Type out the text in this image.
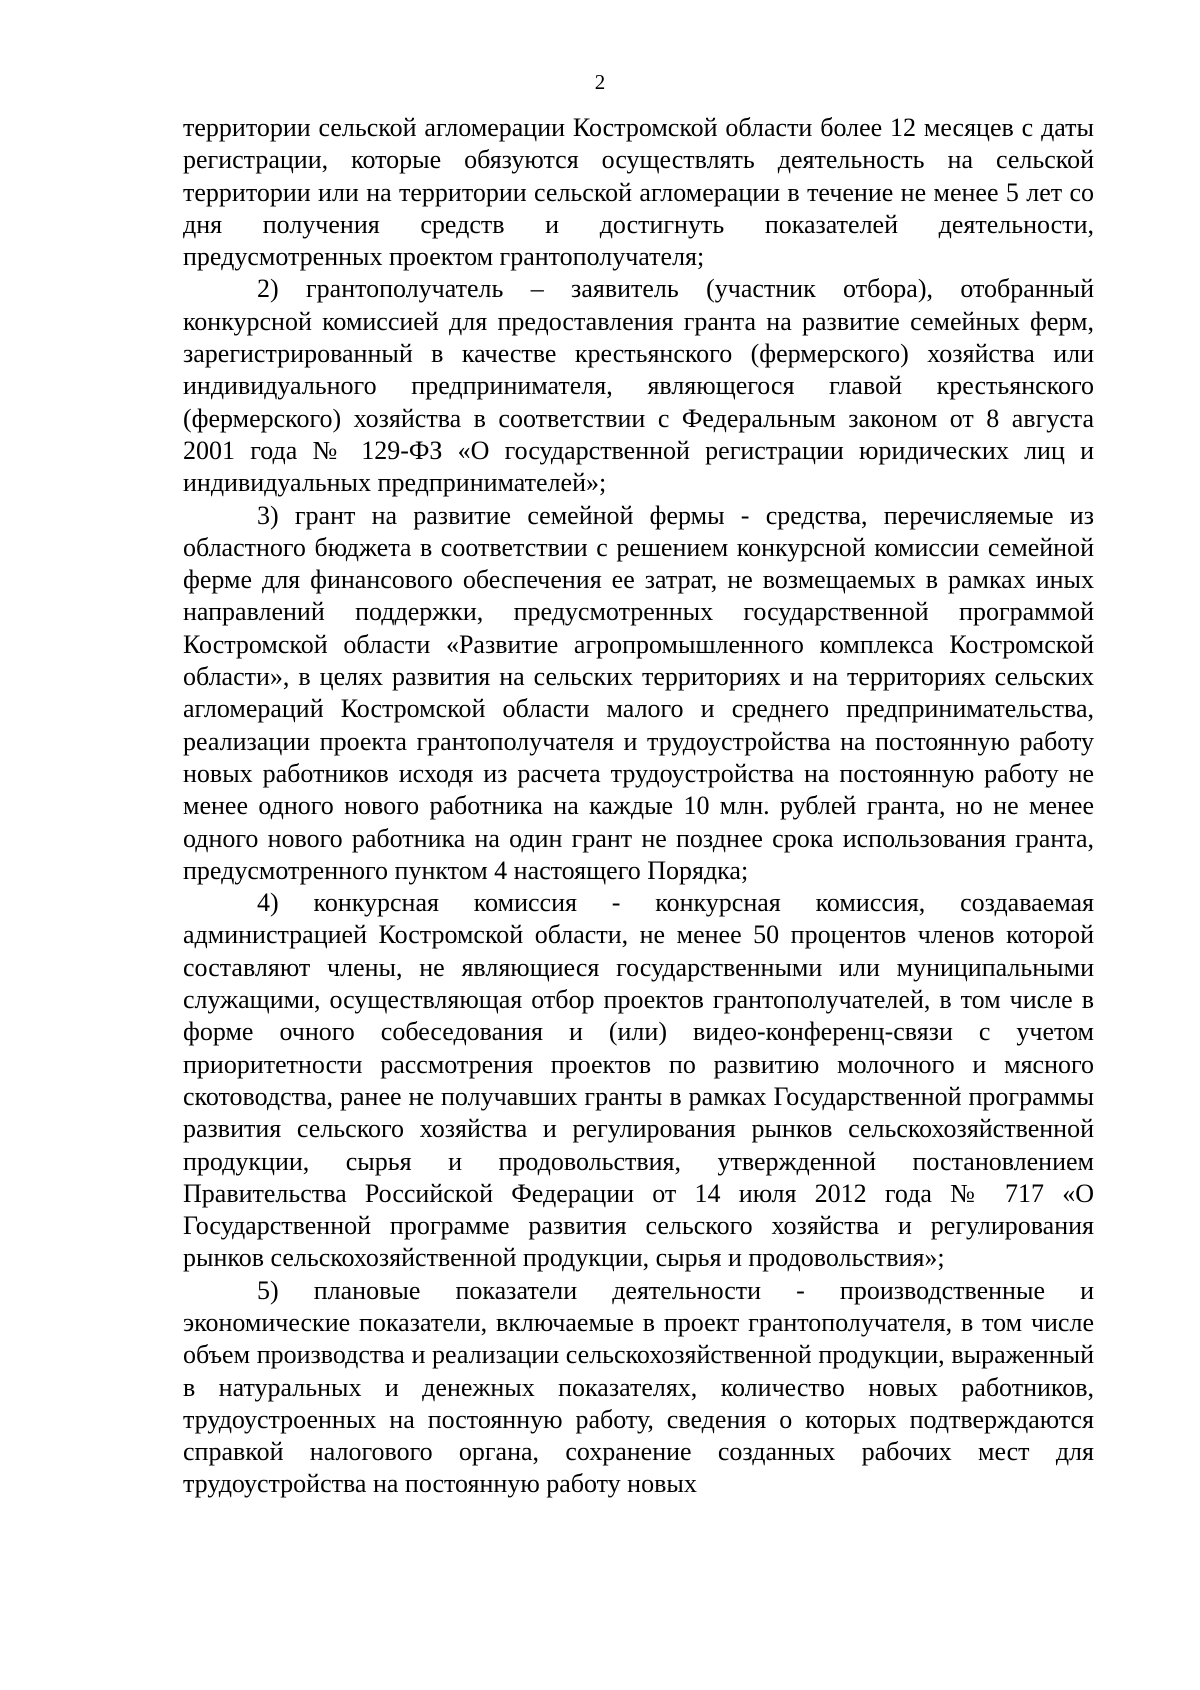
2

территории сельской агломерации Костромской области более 12 месяцев с даты регистрации, которые обязуются осуществлять деятельность на сельской территории или на территории сельской агломерации в течение не менее 5 лет со дня получения средств и достигнуть показателей деятельности, предусмотренных проектом грантополучателя;

2) грантополучатель – заявитель (участник отбора), отобранный конкурсной комиссией для предоставления гранта на развитие семейных ферм, зарегистрированный в качестве крестьянского (фермерского) хозяйства или индивидуального предпринимателя, являющегося главой крестьянского (фермерского) хозяйства в соответствии с Федеральным законом от 8 августа 2001 года № 129-ФЗ «О государственной регистрации юридических лиц и индивидуальных предпринимателей»;

3) грант на развитие семейной фермы - средства, перечисляемые из областного бюджета в соответствии с решением конкурсной комиссии семейной ферме для финансового обеспечения ее затрат, не возмещаемых в рамках иных направлений поддержки, предусмотренных государственной программой Костромской области «Развитие агропромышленного комплекса Костромской области», в целях развития на сельских территориях и на территориях сельских агломераций Костромской области малого и среднего предпринимательства, реализации проекта грантополучателя и трудоустройства на постоянную работу новых работников исходя из расчета трудоустройства на постоянную работу не менее одного нового работника на каждые 10 млн. рублей гранта, но не менее одного нового работника на один грант не позднее срока использования гранта, предусмотренного пунктом 4 настоящего Порядка;

4) конкурсная комиссия - конкурсная комиссия, создаваемая администрацией Костромской области, не менее 50 процентов членов которой составляют члены, не являющиеся государственными или муниципальными служащими, осуществляющая отбор проектов грантополучателей, в том числе в форме очного собеседования и (или) видео-конференц-связи с учетом приоритетности рассмотрения проектов по развитию молочного и мясного скотоводства, ранее не получавших гранты в рамках Государственной программы развития сельского хозяйства и регулирования рынков сельскохозяйственной продукции, сырья и продовольствия, утвержденной постановлением Правительства Российской Федерации от 14 июля 2012 года № 717 «О Государственной программе развития сельского хозяйства и регулирования рынков сельскохозяйственной продукции, сырья и продовольствия»;

5) плановые показатели деятельности - производственные и экономические показатели, включаемые в проект грантополучателя, в том числе объем производства и реализации сельскохозяйственной продукции, выраженный в натуральных и денежных показателях, количество новых работников, трудоустроенных на постоянную работу, сведения о которых подтверждаются справкой налогового органа, сохранение созданных рабочих мест для трудоустройства на постоянную работу новых
